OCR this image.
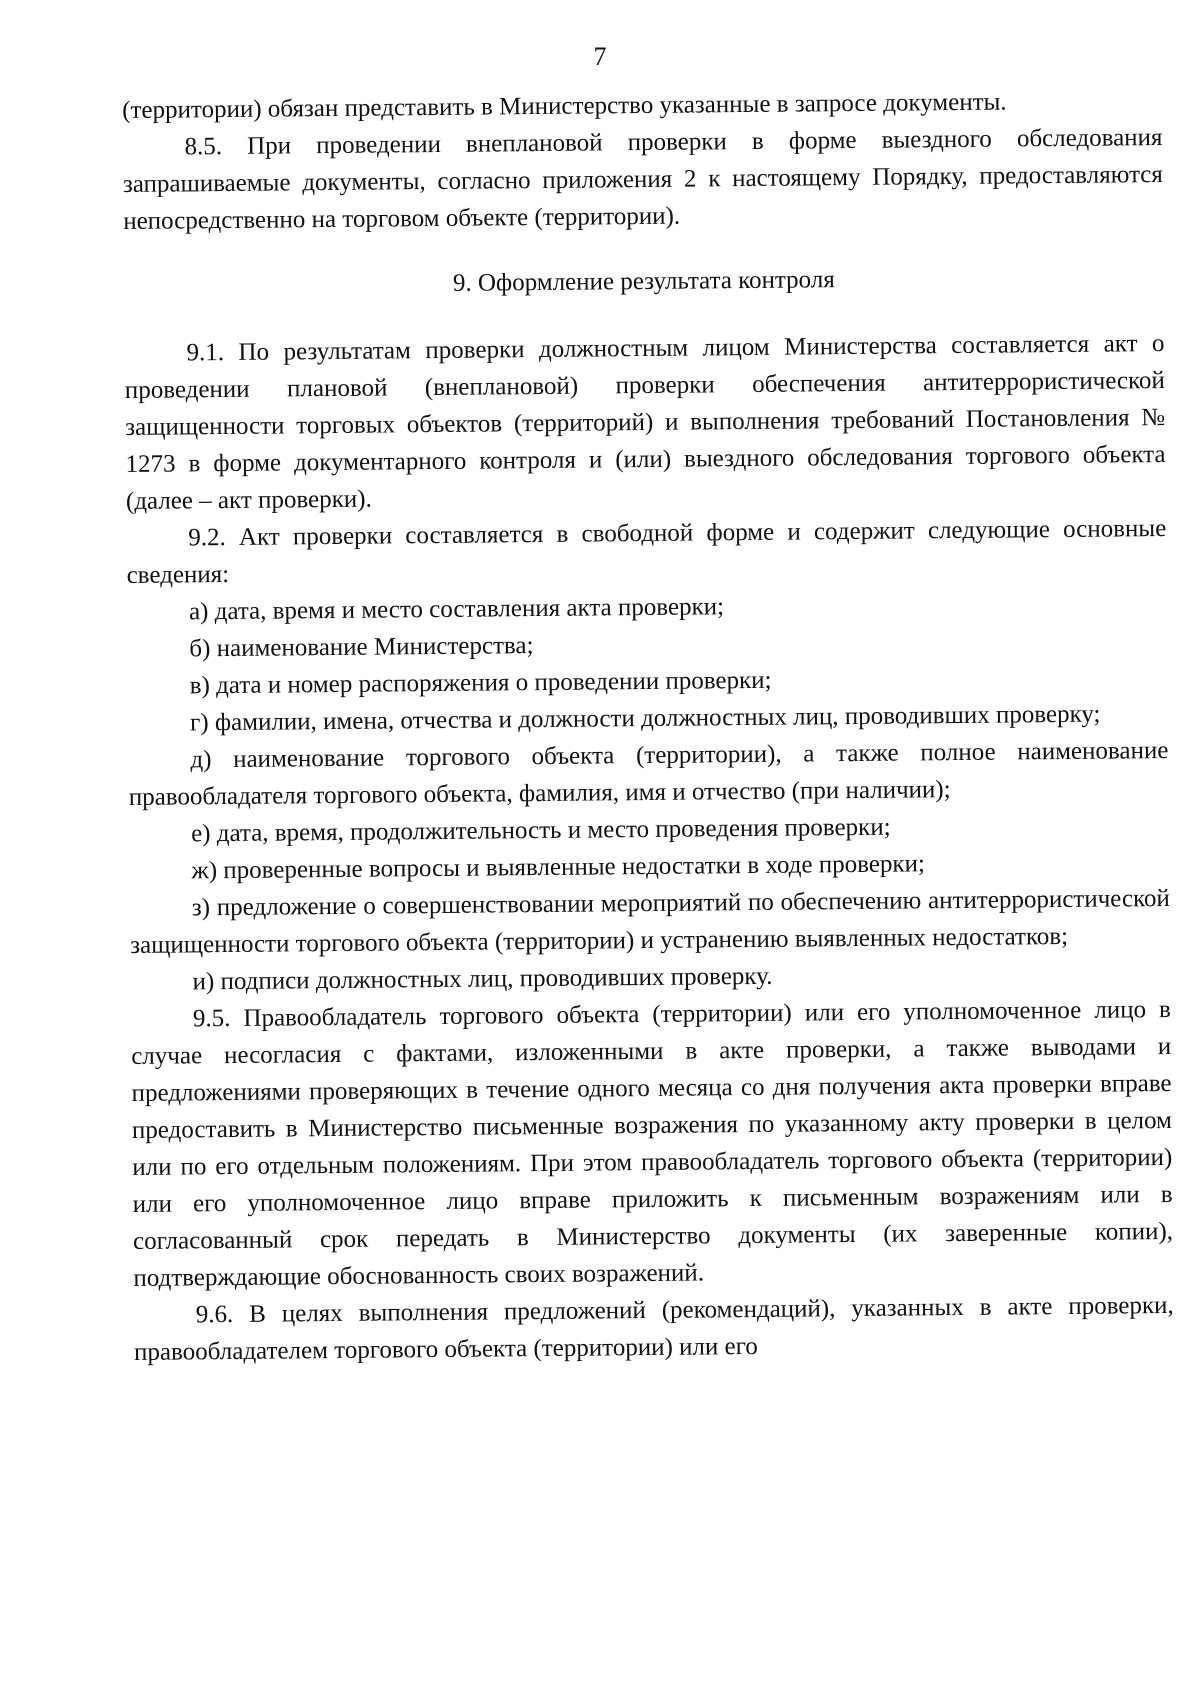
7

(территории) обязан представить в Министерство указанные в запросе документы.

8.5. При проведении внеплановой проверки в форме выездного обследования запрашиваемые документы, согласно приложения 2 к настоящему Порядку, предоставляются непосредственно на торговом объекте (территории).

9. Оформление результата контроля

9.1. По результатам проверки должностным лицом Министерства составляется акт о проведении плановой (внеплановой) проверки обеспечения антитеррористической защищенности торговых объектов (территорий) и выполнения требований Постановления № 1273 в форме документарного контроля и (или) выездного обследования торгового объекта (далее – акт проверки).

9.2. Акт проверки составляется в свободной форме и содержит следующие основные сведения:

а) дата, время и место составления акта проверки;

б) наименование Министерства;

в) дата и номер распоряжения о проведении проверки;

г) фамилии, имена, отчества и должности должностных лиц, проводивших проверку;

д) наименование торгового объекта (территории), а также полное наименование правообладателя торгового объекта, фамилия, имя и отчество (при наличии);

е) дата, время, продолжительность и место проведения проверки;

ж) проверенные вопросы и выявленные недостатки в ходе проверки;

з) предложение о совершенствовании мероприятий по обеспечению антитеррористической защищенности торгового объекта (территории) и устранению выявленных недостатков;

и) подписи должностных лиц, проводивших проверку.

9.5. Правообладатель торгового объекта (территории) или его уполномоченное лицо в случае несогласия с фактами, изложенными в акте проверки, а также выводами и предложениями проверяющих в течение одного месяца со дня получения акта проверки вправе предоставить в Министерство письменные возражения по указанному акту проверки в целом или по его отдельным положениям. При этом правообладатель торгового объекта (территории) или его уполномоченное лицо вправе приложить к письменным возражениям или в согласованный срок передать в Министерство документы (их заверенные копии), подтверждающие обоснованность своих возражений.

9.6. В целях выполнения предложений (рекомендаций), указанных в акте проверки, правообладателем торгового объекта (территории) или его
